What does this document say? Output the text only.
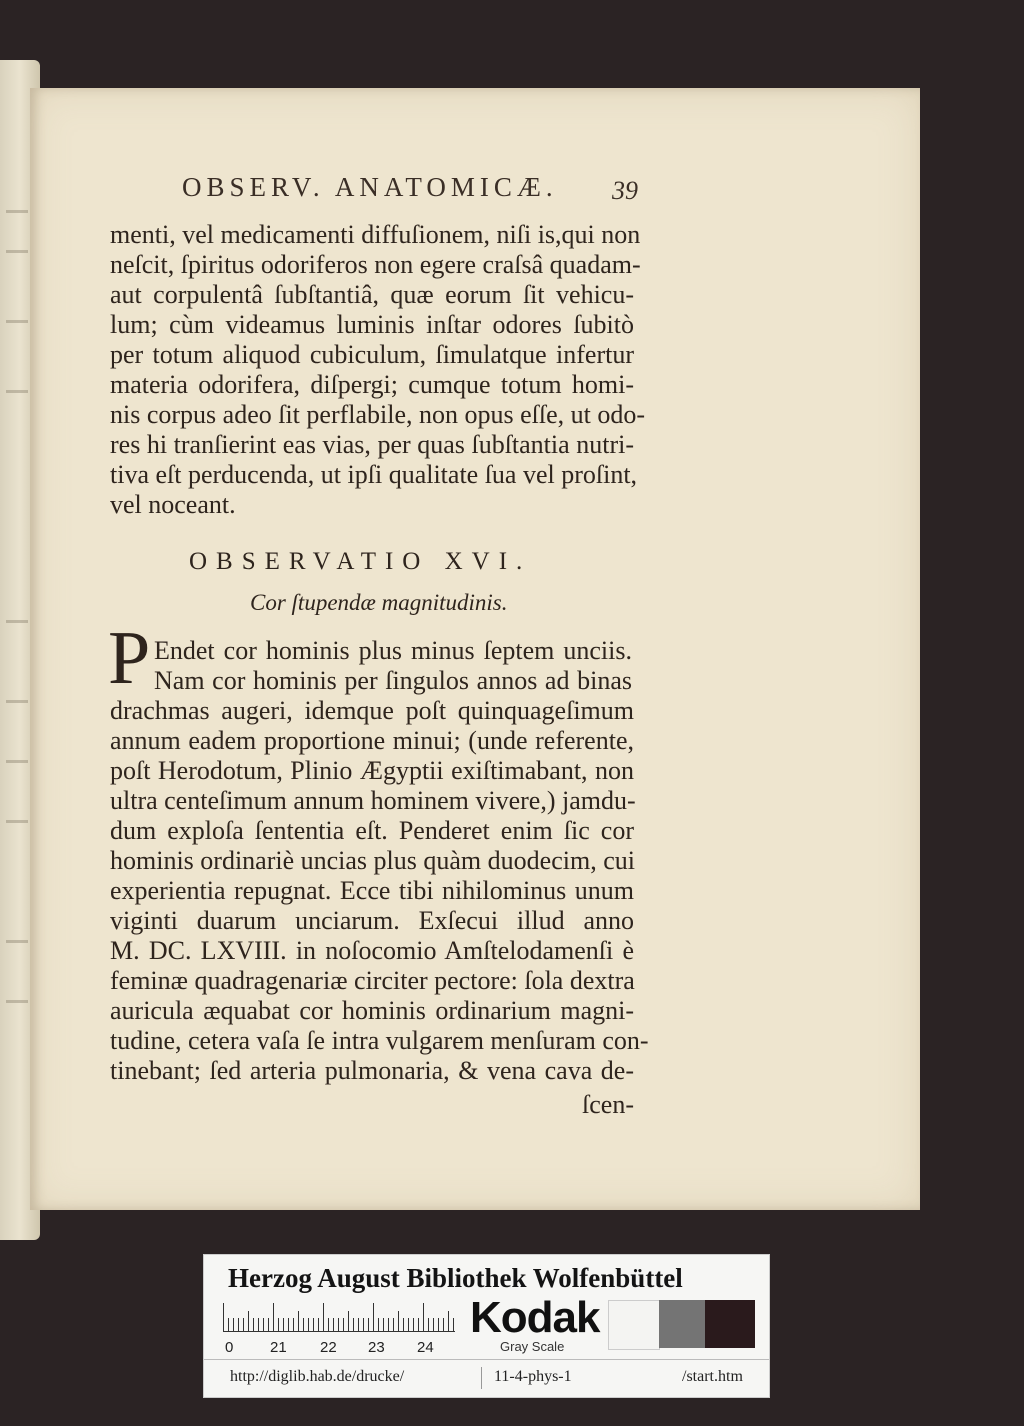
OBSERV. ANATOMICÆ. 39

menti, vel medicamenti diffuſionem, niſi is,qui non

neſcit, ſpiritus odoriferos non egere craſsâ quadam-

aut corpulentâ ſubſtantiâ, quæ eorum ſit vehicu-

lum; cùm videamus luminis inſtar odores ſubitò

per totum aliquod cubiculum, ſimulatque infertur

materia odorifera, diſpergi; cumque totum homi-

nis corpus adeo ſit perflabile, non opus eſſe, ut odo-

res hi tranſierint eas vias, per quas ſubſtantia nutri-

tiva eſt perducenda, ut ipſi qualitate ſua vel proſint,

vel noceant.

OBSERVATIO XVI.
Cor ſtupendæ magnitudinis.
P Endet cor hominis plus minus ſeptem unciis.

Nam cor hominis per ſingulos annos ad binas

drachmas augeri, idemque poſt quinquageſimum

annum eadem proportione minui; (unde referente,

poſt Herodotum, Plinio Ægyptii exiſtimabant, non

ultra centeſimum annum hominem vivere,) jamdu-

dum exploſa ſententia eſt. Penderet enim ſic cor

hominis ordinariè uncias plus quàm duodecim, cui

experientia repugnat. Ecce tibi nihilominus unum

viginti duarum unciarum. Exſecui illud anno

M. DC. LXVIII. in noſocomio Amſtelodamenſi è

feminæ quadragenariæ circiter pectore: ſola dextra

auricula æquabat cor hominis ordinarium magni-

tudine, cetera vaſa ſe intra vulgarem menſuram con-

tinebant; ſed arteria pulmonaria, & vena cava de-

ſcen-

Herzog August Bibliothek Wolfenbüttel
0 21 22 23 24
Kodak
Gray Scale
http://diglib.hab.de/drucke/	11-4-phys-1	/start.htm
